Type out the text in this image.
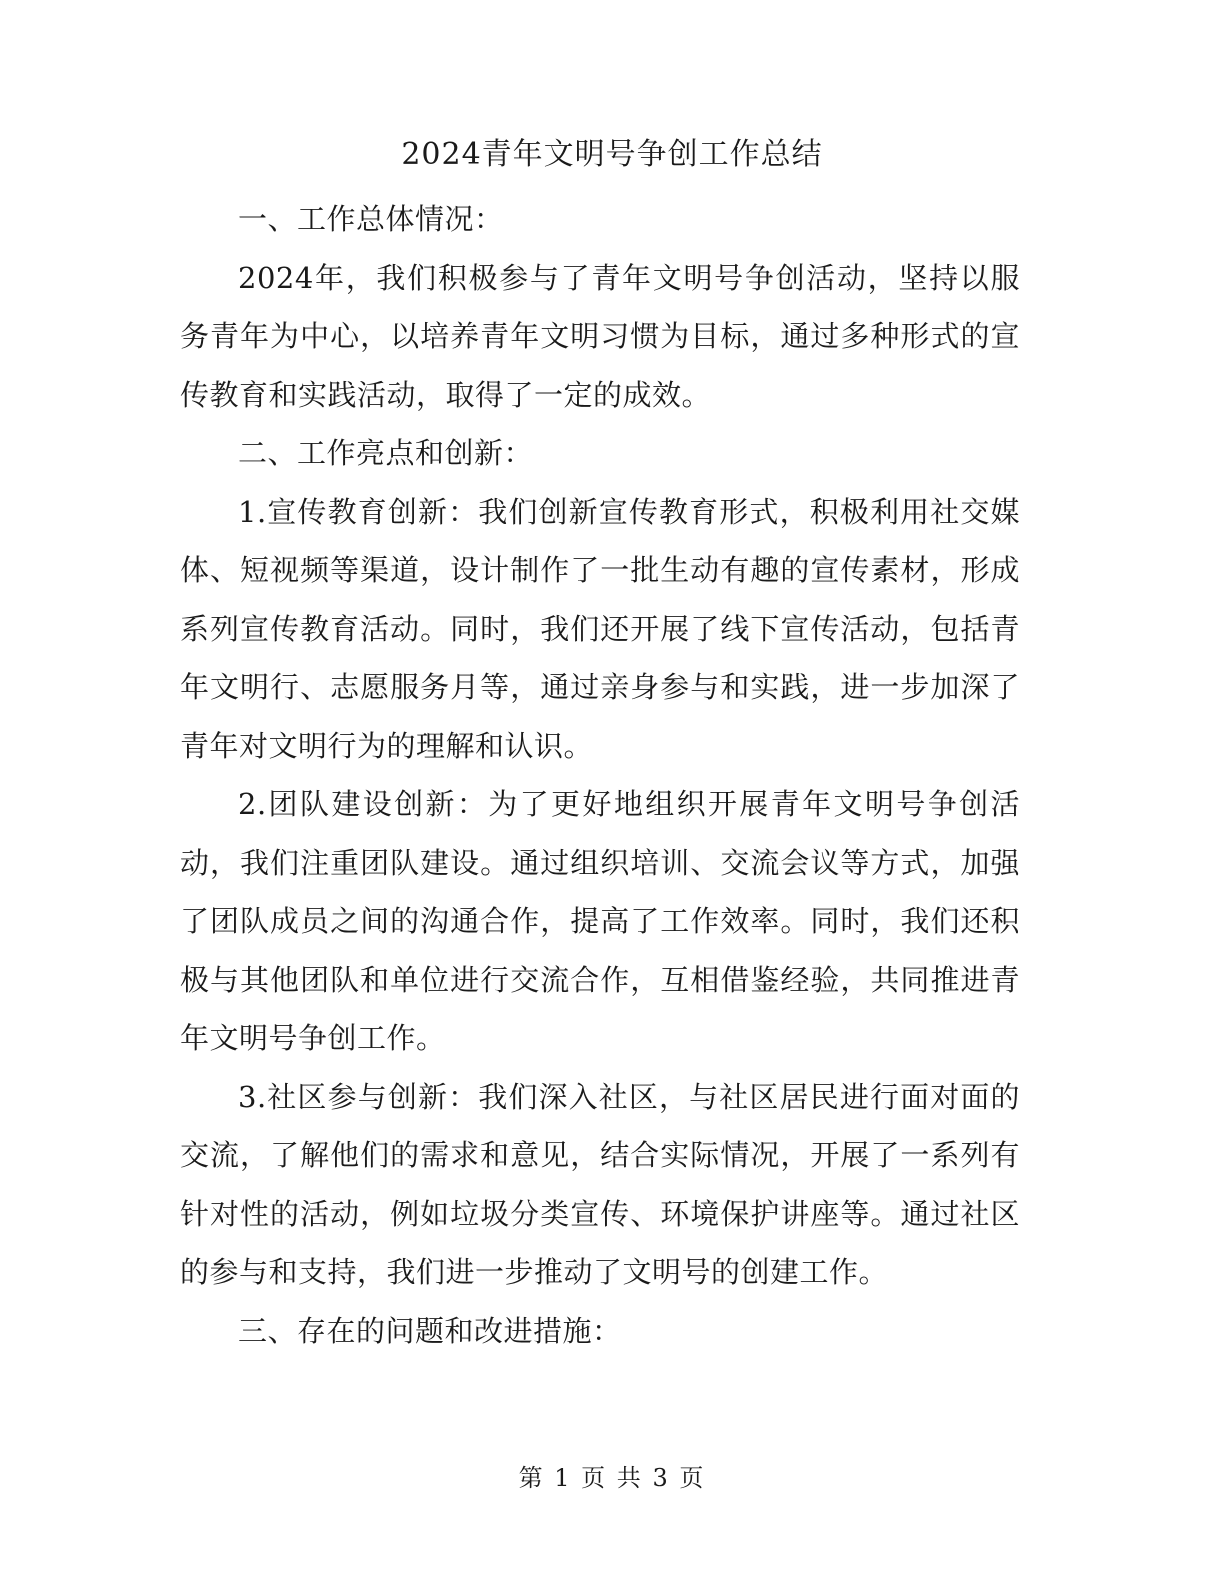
2024青年文明号争创工作总结

一、工作总体情况：

2024年，我们积极参与了青年文明号争创活动，坚持以服务青年为中心，以培养青年文明习惯为目标，通过多种形式的宣传教育和实践活动，取得了一定的成效。

二、工作亮点和创新：

1.宣传教育创新：我们创新宣传教育形式，积极利用社交媒体、短视频等渠道，设计制作了一批生动有趣的宣传素材，形成系列宣传教育活动。同时，我们还开展了线下宣传活动，包括青年文明行、志愿服务月等，通过亲身参与和实践，进一步加深了青年对文明行为的理解和认识。

2.团队建设创新：为了更好地组织开展青年文明号争创活动，我们注重团队建设。通过组织培训、交流会议等方式，加强了团队成员之间的沟通合作，提高了工作效率。同时，我们还积极与其他团队和单位进行交流合作，互相借鉴经验，共同推进青年文明号争创工作。

3.社区参与创新：我们深入社区，与社区居民进行面对面的交流，了解他们的需求和意见，结合实际情况，开展了一系列有针对性的活动，例如垃圾分类宣传、环境保护讲座等。通过社区的参与和支持，我们进一步推动了文明号的创建工作。

三、存在的问题和改进措施：

第 1 页 共 3 页
